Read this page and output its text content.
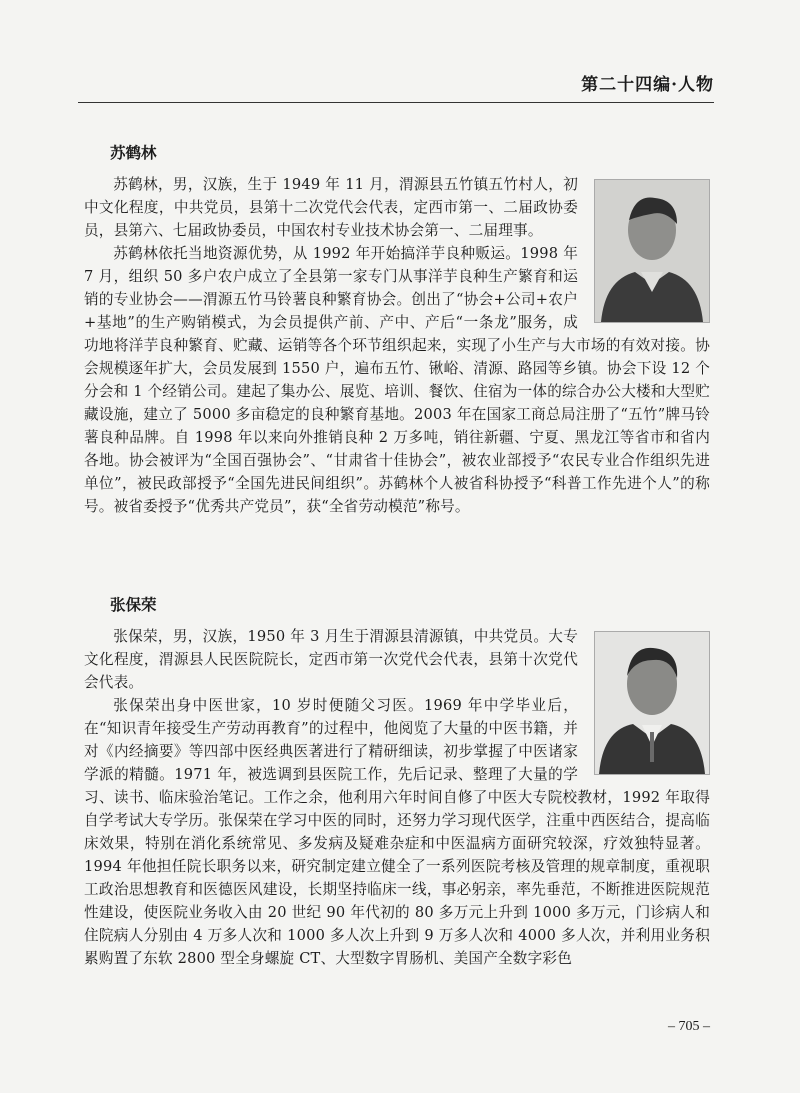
第二十四编·人物
苏鹤林

苏鹤林，男，汉族，生于 1949 年 11 月，渭源县五竹镇五竹村人，初中文化程度，中共党员，县第十二次党代会代表，定西市第一、二届政协委员，县第六、七届政协委员，中国农村专业技术协会第一、二届理事。

苏鹤林依托当地资源优势，从 1992 年开始搞洋芋良种贩运。1998 年 7 月，组织 50 多户农户成立了全县第一家专门从事洋芋良种生产繁育和运销的专业协会——渭源五竹马铃薯良种繁育协会。创出了“协会+公司+农户+基地”的生产购销模式，为会员提供产前、产中、产后“一条龙”服务，成功地将洋芋良种繁育、贮藏、运销等各个环节组织起来，实现了小生产与大市场的有效对接。协会规模逐年扩大，会员发展到 1550 户，遍布五竹、锹峪、清源、路园等乡镇。协会下设 12 个分会和 1 个经销公司。建起了集办公、展览、培训、餐饮、住宿为一体的综合办公大楼和大型贮藏设施，建立了 5000 多亩稳定的良种繁育基地。2003 年在国家工商总局注册了“五竹”牌马铃薯良种品牌。自 1998 年以来向外推销良种 2 万多吨，销往新疆、宁夏、黑龙江等省市和省内各地。协会被评为“全国百强协会”、“甘肃省十佳协会”，被农业部授予“农民专业合作组织先进单位”，被民政部授予“全国先进民间组织”。苏鹤林个人被省科协授予“科普工作先进个人”的称号。被省委授予“优秀共产党员”，获“全省劳动模范”称号。

张保荣

张保荣，男，汉族，1950 年 3 月生于渭源县清源镇，中共党员。大专文化程度，渭源县人民医院院长，定西市第一次党代会代表，县第十次党代会代表。

张保荣出身中医世家，10 岁时便随父习医。1969 年中学毕业后，在“知识青年接受生产劳动再教育”的过程中，他阅览了大量的中医书籍，并对《内经摘要》等四部中医经典医著进行了精研细读，初步掌握了中医诸家学派的精髓。1971 年，被选调到县医院工作，先后记录、整理了大量的学习、读书、临床验治笔记。工作之余，他利用六年时间自修了中医大专院校教材，1992 年取得自学考试大专学历。张保荣在学习中医的同时，还努力学习现代医学，注重中西医结合，提高临床效果，特别在消化系统常见、多发病及疑难杂症和中医温病方面研究较深，疗效独特显著。1994 年他担任院长职务以来，研究制定建立健全了一系列医院考核及管理的规章制度，重视职工政治思想教育和医德医风建设，长期坚持临床一线，事必躬亲，率先垂范，不断推进医院规范性建设，使医院业务收入由 20 世纪 90 年代初的 80 多万元上升到 1000 多万元，门诊病人和住院病人分别由 4 万多人次和 1000 多人次上升到 9 万多人次和 4000 多人次，并利用业务积累购置了东软 2800 型全身螺旋 CT、大型数字胃肠机、美国产全数字彩色

– 705 –
